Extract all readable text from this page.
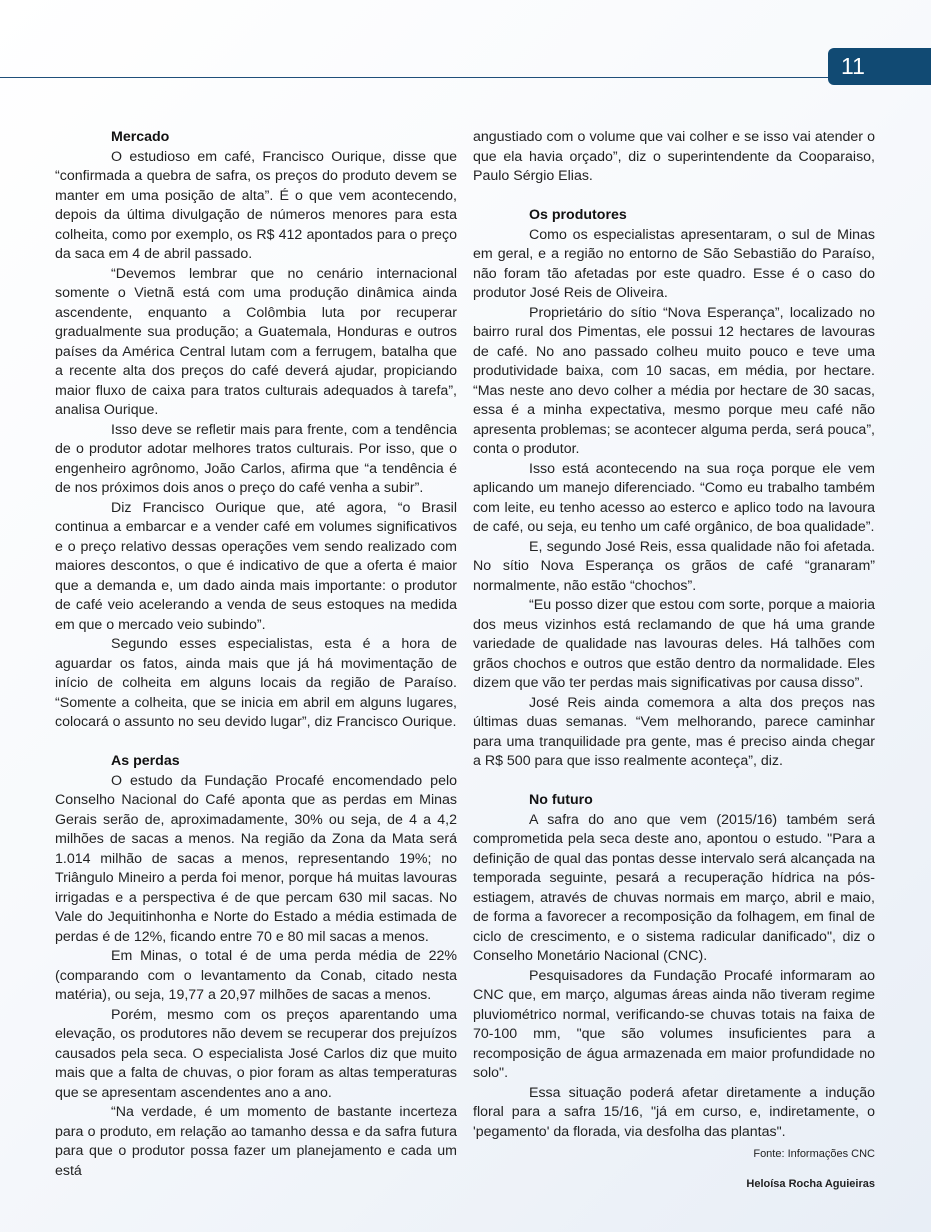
11
Mercado

O estudioso em café, Francisco Ourique, disse que “confirmada a quebra de safra, os preços do produto devem se manter em uma posição de alta”. É o que vem acontecendo, depois da última divulgação de números menores para esta colheita, como por exemplo, os R$ 412 apontados para o preço da saca em 4 de abril passado.

“Devemos lembrar que no cenário internacional somente o Vietnã está com uma produção dinâmica ainda ascendente, enquanto a Colômbia luta por recuperar gradualmente sua produção; a Guatemala, Honduras e outros países da América Central lutam com a ferrugem, batalha que a recente alta dos preços do café deverá ajudar, propiciando maior fluxo de caixa para tratos culturais adequados à tarefa”, analisa Ourique.

Isso deve se refletir mais para frente, com a tendência de o produtor adotar melhores tratos culturais. Por isso, que o engenheiro agrônomo, João Carlos, afirma que “a tendência é de nos próximos dois anos o preço do café venha a subir”.

Diz Francisco Ourique que, até agora, “o Brasil continua a embarcar e a vender café em volumes significativos e o preço relativo dessas operações vem sendo realizado com maiores descontos, o que é indicativo de que a oferta é maior que a demanda e, um dado ainda mais importante: o produtor de café veio acelerando a venda de seus estoques na medida em que o mercado veio subindo”.

Segundo esses especialistas, esta é a hora de aguardar os fatos, ainda mais que já há movimentação de início de colheita em alguns locais da região de Paraíso. “Somente a colheita, que se inicia em abril em alguns lugares, colocará o assunto no seu devido lugar”, diz Francisco Ourique.

As perdas

O estudo da Fundação Procafé encomendado pelo Conselho Nacional do Café aponta que as perdas em Minas Gerais serão de, aproximadamente, 30% ou seja, de 4 a 4,2 milhões de sacas a menos. Na região da Zona da Mata será 1.014 milhão de sacas a menos, representando 19%; no Triângulo Mineiro a perda foi menor, porque há muitas lavouras irrigadas e a perspectiva é de que percam 630 mil sacas. No Vale do Jequitinhonha e Norte do Estado a média estimada de perdas é de 12%, ficando entre 70 e 80 mil sacas a menos.

Em Minas, o total é de uma perda média de 22% (comparando com o levantamento da Conab, citado nesta matéria), ou seja, 19,77 a 20,97 milhões de sacas a menos.

Porém, mesmo com os preços aparentando uma elevação, os produtores não devem se recuperar dos prejuízos causados pela seca. O especialista José Carlos diz que muito mais que a falta de chuvas, o pior foram as altas temperaturas que se apresentam ascendentes ano a ano.

“Na verdade, é um momento de bastante incerteza para o produto, em relação ao tamanho dessa e da safra futura para que o produtor possa fazer um planejamento e cada um está

angustiado com o volume que vai colher e se isso vai atender o que ela havia orçado”, diz o superintendente da Cooparaiso, Paulo Sérgio Elias.

Os produtores

Como os especialistas apresentaram, o sul de Minas em geral, e a região no entorno de São Sebastião do Paraíso, não foram tão afetadas por este quadro. Esse é o caso do produtor José Reis de Oliveira.

Proprietário do sítio “Nova Esperança”, localizado no bairro rural dos Pimentas, ele possui 12 hectares de lavouras de café. No ano passado colheu muito pouco e teve uma produtividade baixa, com 10 sacas, em média, por hectare. “Mas neste ano devo colher a média por hectare de 30 sacas, essa é a minha expectativa, mesmo porque meu café não apresenta problemas; se acontecer alguma perda, será pouca”, conta o produtor.

Isso está acontecendo na sua roça porque ele vem aplicando um manejo diferenciado. “Como eu trabalho também com leite, eu tenho acesso ao esterco e aplico todo na lavoura de café, ou seja, eu tenho um café orgânico, de boa qualidade”.

E, segundo José Reis, essa qualidade não foi afetada. No sítio Nova Esperança os grãos de café “granaram” normalmente, não estão “chochos”.

“Eu posso dizer que estou com sorte, porque a maioria dos meus vizinhos está reclamando de que há uma grande variedade de qualidade nas lavouras deles. Há talhões com grãos chochos e outros que estão dentro da normalidade. Eles dizem que vão ter perdas mais significativas por causa disso”.

José Reis ainda comemora a alta dos preços nas últimas duas semanas. “Vem melhorando, parece caminhar para uma tranquilidade pra gente, mas é preciso ainda chegar a R$ 500 para que isso realmente aconteça”, diz.

No futuro

A safra do ano que vem (2015/16) também será comprometida pela seca deste ano, apontou o estudo. "Para a definição de qual das pontas desse intervalo será alcançada na temporada seguinte, pesará a recuperação hídrica na pós-estiagem, através de chuvas normais em março, abril e maio, de forma a favorecer a recomposição da folhagem, em final de ciclo de crescimento, e o sistema radicular danificado", diz o Conselho Monetário Nacional (CNC).

Pesquisadores da Fundação Procafé informaram ao CNC que, em março, algumas áreas ainda não tiveram regime pluviométrico normal, verificando-se chuvas totais na faixa de 70-100 mm, "que são volumes insuficientes para a recomposição de água armazenada em maior profundidade no solo".

Essa situação poderá afetar diretamente a indução floral para a safra 15/16, "já em curso, e, indiretamente, o 'pegamento' da florada, via desfolha das plantas".

Fonte: Informações CNC
Heloísa Rocha Aguieiras
